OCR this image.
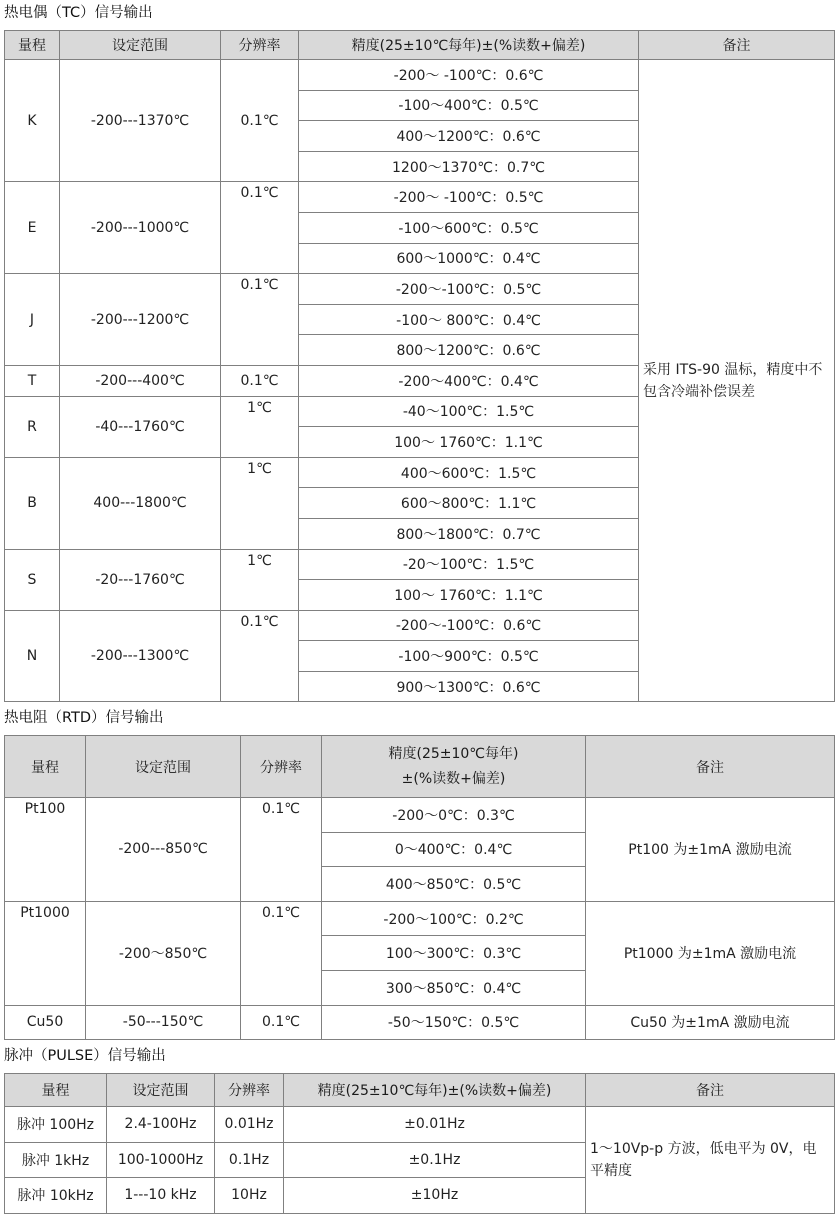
热电偶（TC）信号输出
量程	设定范围	分辨率	精度(25±10℃每年)±(%读数+偏差)	备注
K	-200---1370℃	0.1℃	-200～ -100℃：0.6℃	采用 ITS-90 温标，精度中不包含冷端补偿误差

-100～400℃：0.5℃	

400～1200℃：0.6℃	

1200～1370℃：0.7℃	

E	-200---1000℃	0.1℃	-200～ -100℃：0.5℃	

-100～600℃：0.5℃	

600～1000℃：0.4℃	

J	-200---1200℃	0.1℃	-200～-100℃：0.5℃	

-100～ 800℃：0.4℃	

800～1200℃：0.6℃	

T	-200---400℃	0.1℃	-200～400℃：0.4℃	

R	-40---1760℃	1℃	-40～100℃：1.5℃	

100～ 1760℃：1.1℃	

B	400---1800℃	1℃	400～600℃：1.5℃	

600～800℃：1.1℃	

800～1800℃：0.7℃	

S	-20---1760℃	1℃	-20～100℃：1.5℃	

100～ 1760℃：1.1℃	

N	-200---1300℃	0.1℃	-200～-100℃：0.6℃	

-100～900℃：0.5℃	

900～1300℃：0.6℃	
热电阻（RTD）信号输出
量程	设定范围	分辨率	精度(25±10℃每年)
±(%读数+偏差)	备注
Pt100	-200---850℃	0.1℃	-200～0℃：0.3℃	Pt100 为±1mA 激励电流

0～400℃：0.4℃	

400～850℃：0.5℃	

Pt1000	-200～850℃	0.1℃	-200～100℃：0.2℃	Pt1000 为±1mA 激励电流

100～300℃：0.3℃	

300～850℃：0.4℃	

Cu50	-50---150℃	0.1℃	-50～150℃：0.5℃	Cu50 为±1mA 激励电流
脉冲（PULSE）信号输出
量程	设定范围	分辨率	精度(25±10℃每年)±(%读数+偏差)	备注
脉冲 100Hz	2.4-100Hz	0.01Hz	±0.01Hz	1～10Vp-p 方波，低电平为 0V，电平精度
脉冲 1kHz	100-1000Hz	0.1Hz	±0.1Hz	
脉冲 10kHz	1---10 kHz	10Hz	±10Hz	
